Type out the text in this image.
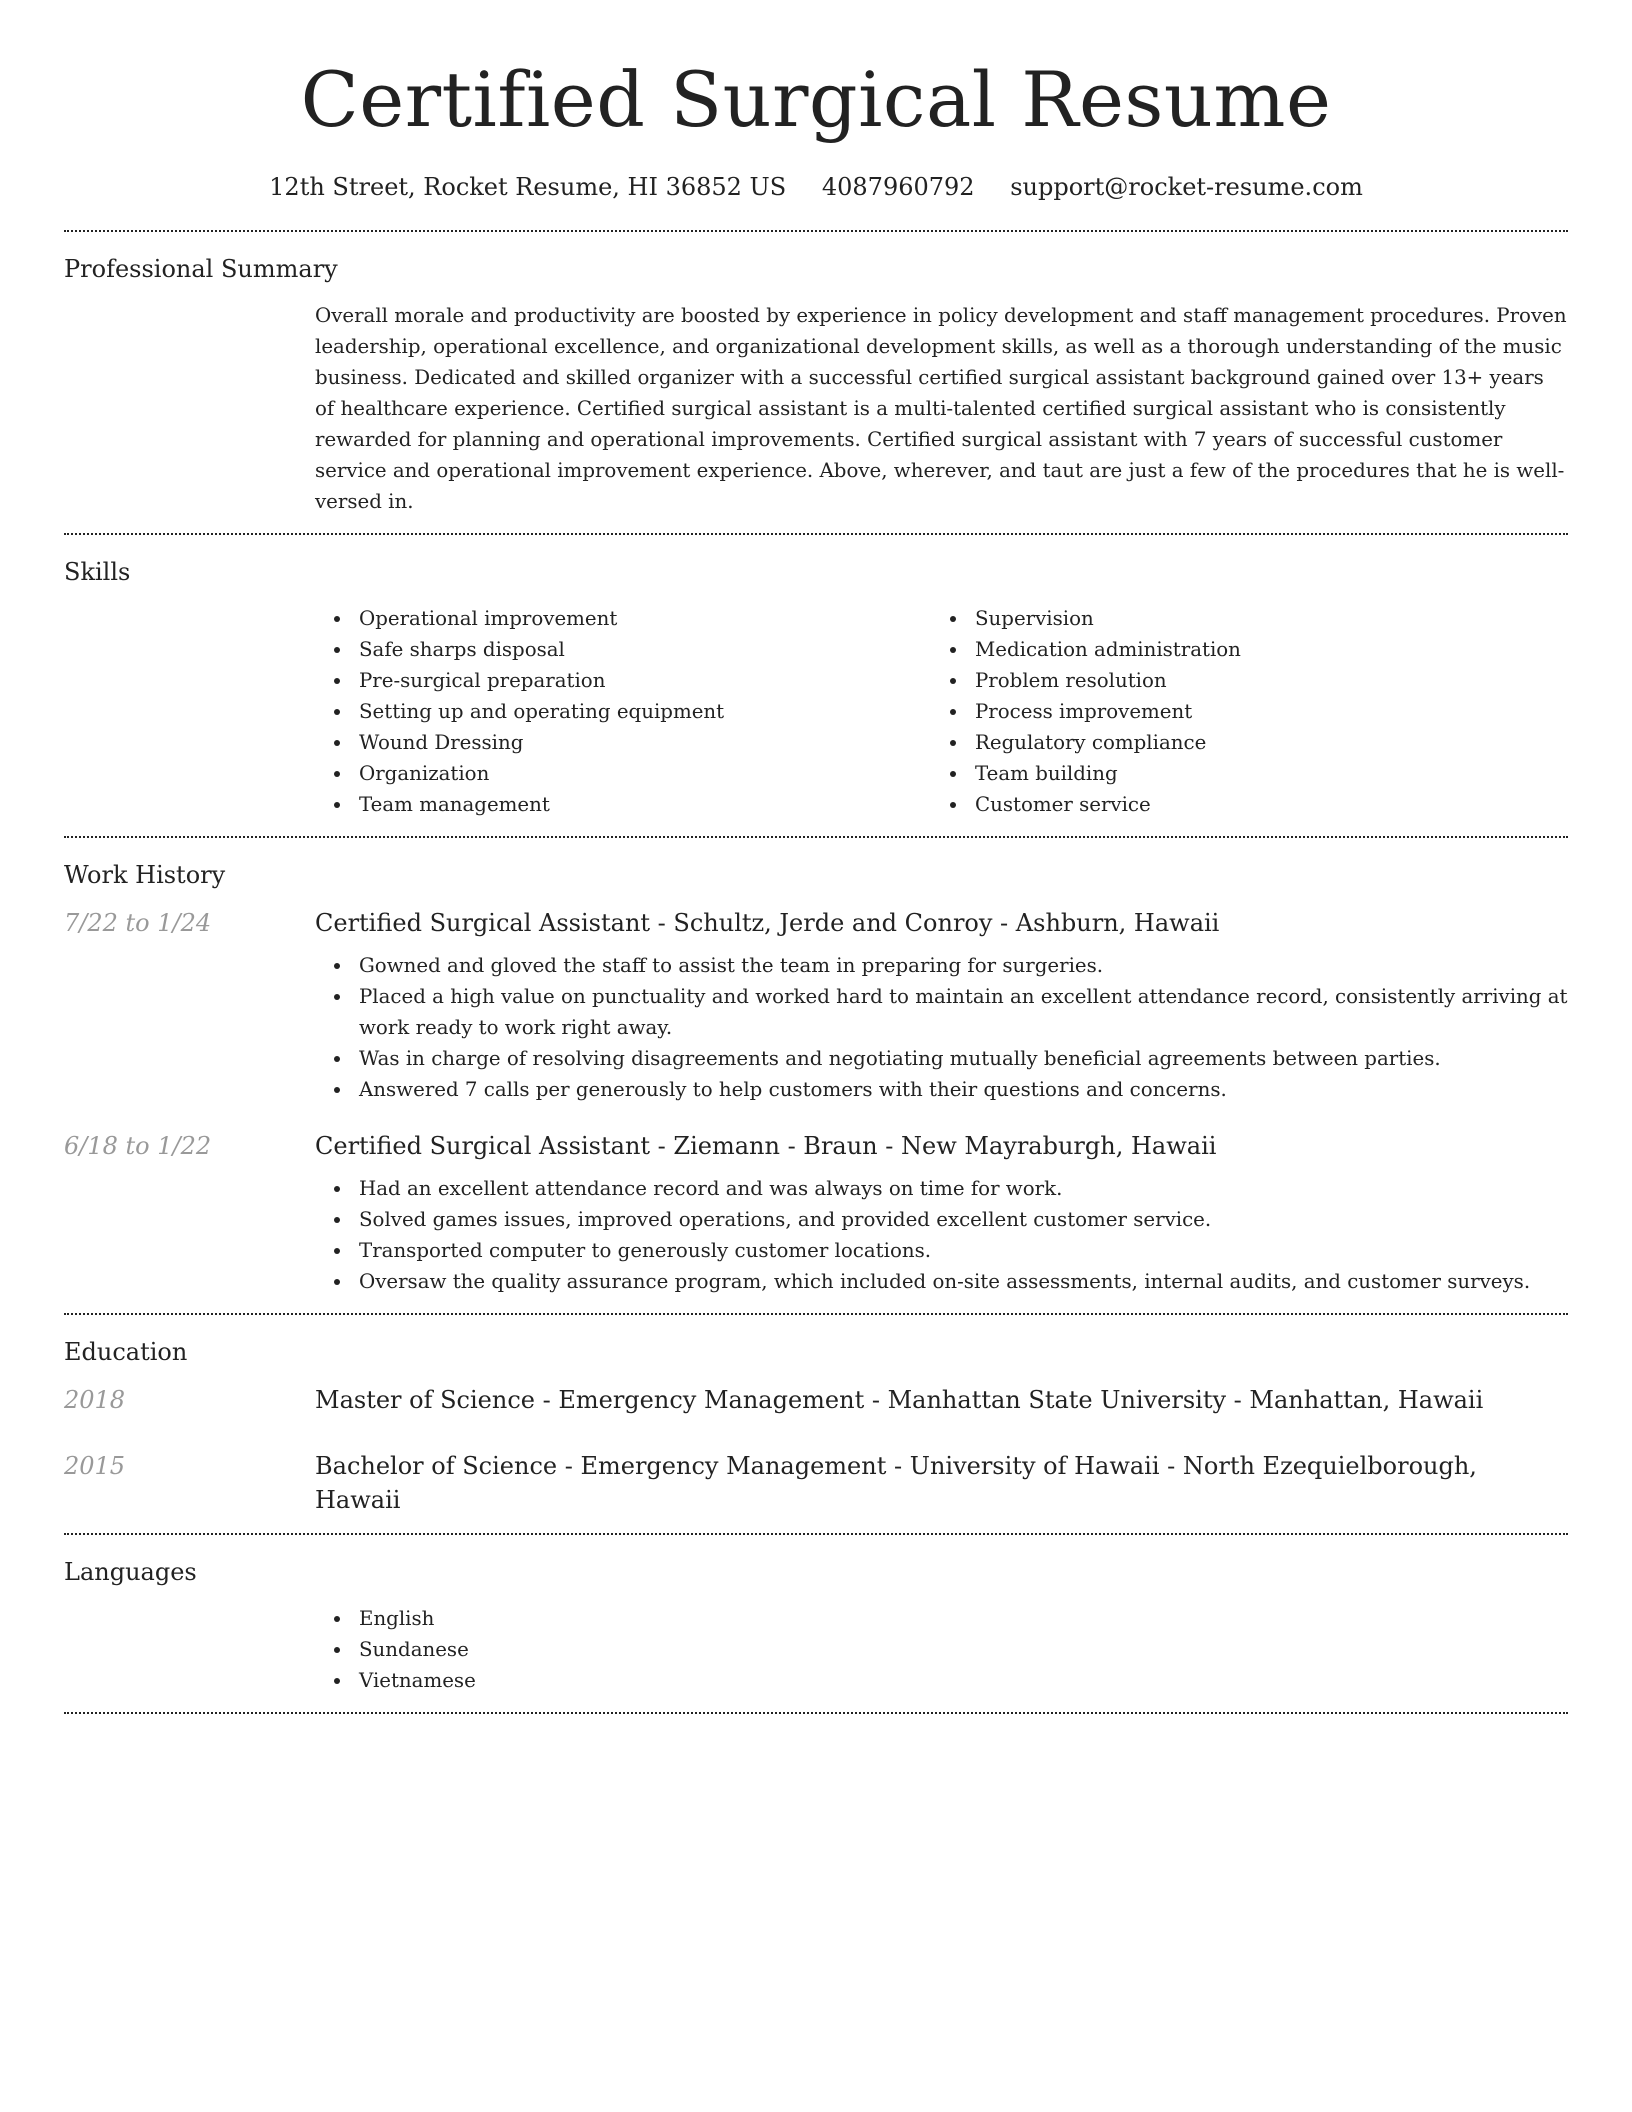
Certified Surgical Resume
12th Street, Rocket Resume, HI 36852 US 4087960792 support@rocket-resume.com
Professional Summary

Overall morale and productivity are boosted by experience in policy development and staff management procedures. Proven leadership, operational excellence, and organizational development skills, as well as a thorough understanding of the music business. Dedicated and skilled organizer with a successful certified surgical assistant background gained over 13+ years of healthcare experience. Certified surgical assistant is a multi-talented certified surgical assistant who is consistently rewarded for planning and operational improvements. Certified surgical assistant with 7 years of successful customer service and operational improvement experience. Above, wherever, and taut are just a few of the procedures that he is well-versed in.

Skills
Operational improvement
Safe sharps disposal
Pre-surgical preparation
Setting up and operating equipment
Wound Dressing
Organization
Team management
Supervision
Medication administration
Problem resolution
Process improvement
Regulatory compliance
Team building
Customer service
Work History
7/22 to 1/24	Certified Surgical Assistant - Schultz, Jerde and Conroy - Ashburn, Hawaii
Gowned and gloved the staff to assist the team in preparing for surgeries.
Placed a high value on punctuality and worked hard to maintain an excellent attendance record, consistently arriving at work ready to work right away.
Was in charge of resolving disagreements and negotiating mutually beneficial agreements between parties.
Answered 7 calls per generously to help customers with their questions and concerns.
6/18 to 1/22	Certified Surgical Assistant - Ziemann - Braun - New Mayraburgh, Hawaii
Had an excellent attendance record and was always on time for work.
Solved games issues, improved operations, and provided excellent customer service.
Transported computer to generously customer locations.
Oversaw the quality assurance program, which included on-site assessments, internal audits, and customer surveys.
Education
2018	Master of Science - Emergency Management - Manhattan State University - Manhattan, Hawaii
2015	Bachelor of Science - Emergency Management - University of Hawaii - North Ezequielborough, Hawaii
Languages
English
Sundanese
Vietnamese
